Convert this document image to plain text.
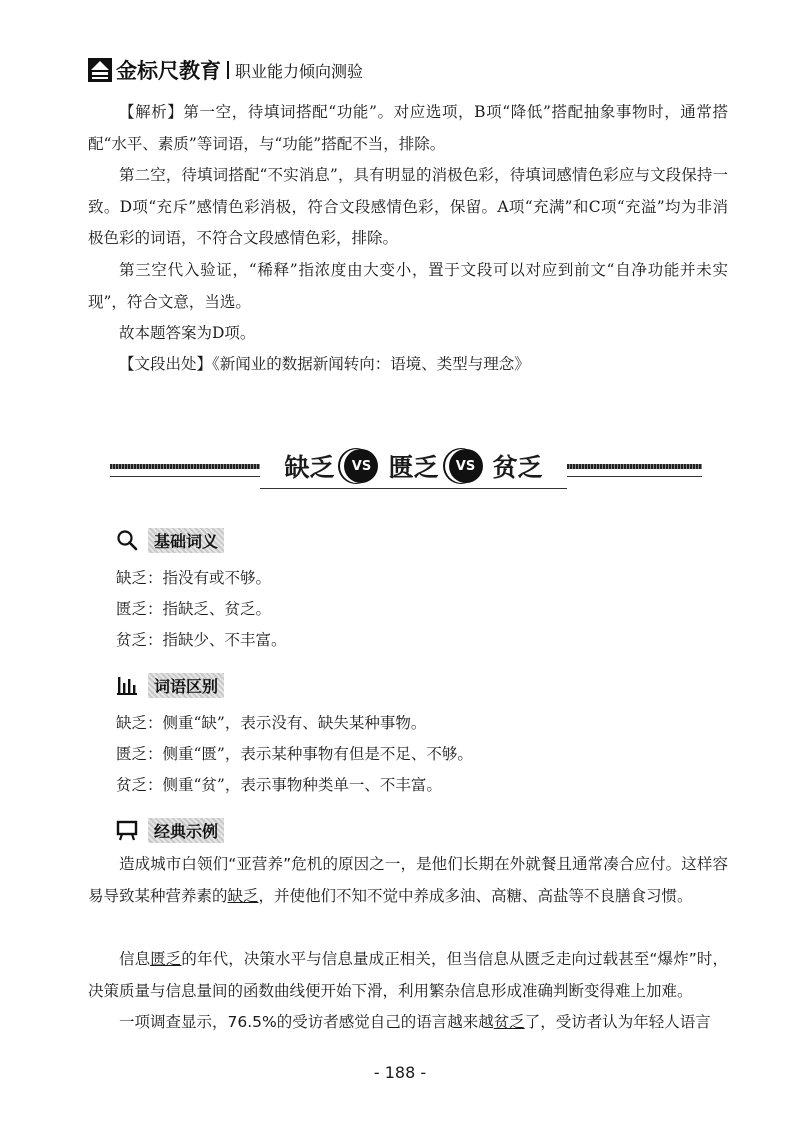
金标尺教育 职业能力倾向测验

【解析】第一空，待填词搭配“功能”。对应选项，B项“降低”搭配抽象事物时，通常搭配“水平、素质”等词语，与“功能”搭配不当，排除。

第二空，待填词搭配“不实消息”，具有明显的消极色彩，待填词感情色彩应与文段保持一致。D项“充斥”感情色彩消极，符合文段感情色彩，保留。A项“充满”和C项“充溢”均为非消极色彩的词语，不符合文段感情色彩，排除。

第三空代入验证，“稀释”指浓度由大变小，置于文段可以对应到前文“自净功能并未实现”，符合文意，当选。

故本题答案为D项。

【文段出处】《新闻业的数据新闻转向：语境、类型与理念》

缺乏	VS 匮乏	VS 贫乏
基础词义

缺乏：指没有或不够。

匮乏：指缺乏、贫乏。

贫乏：指缺少、不丰富。

词语区别

缺乏：侧重“缺”，表示没有、缺失某种事物。

匮乏：侧重“匮”，表示某种事物有但是不足、不够。

贫乏：侧重“贫”，表示事物种类单一、不丰富。

经典示例

造成城市白领们“亚营养”危机的原因之一，是他们长期在外就餐且通常凑合应付。这样容易导致某种营养素的缺乏，并使他们不知不觉中养成多油、高糖、高盐等不良膳食习惯。

信息匮乏的年代，决策水平与信息量成正相关，但当信息从匮乏走向过载甚至“爆炸”时，决策质量与信息量间的函数曲线便开始下滑，利用繁杂信息形成准确判断变得难上加难。

一项调查显示，76.5%的受访者感觉自己的语言越来越贫乏了，受访者认为年轻人语言

- 188 -
